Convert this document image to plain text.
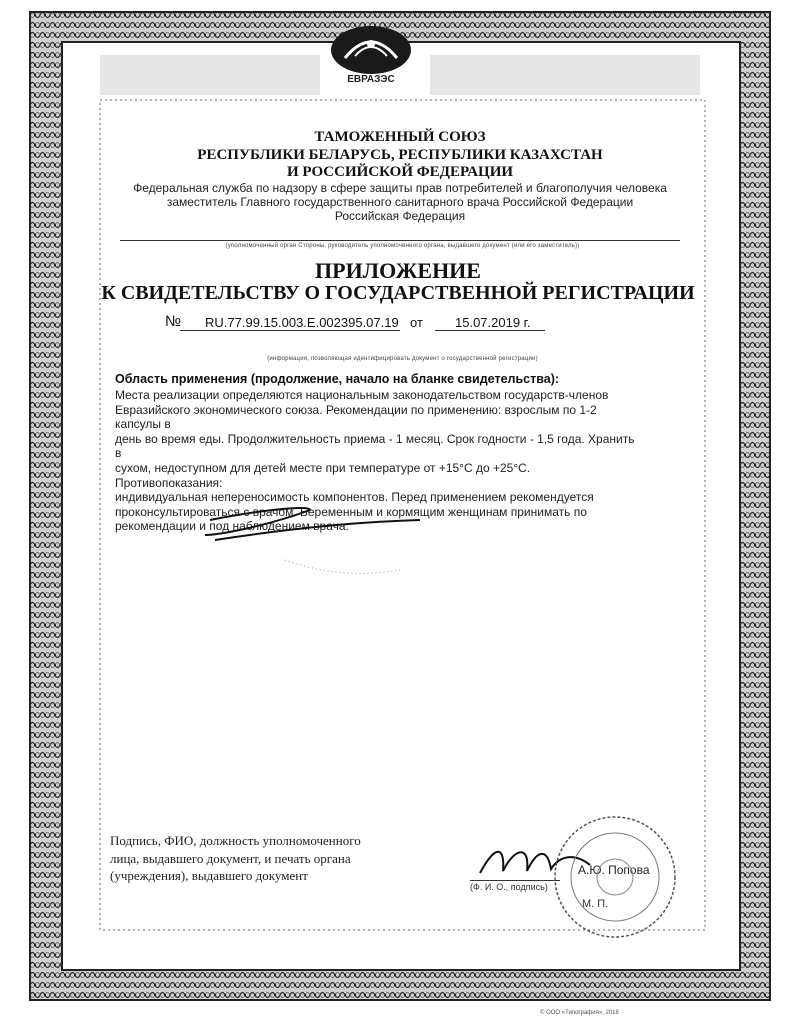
ЕВРАЗЭС
ТАМОЖЕННЫЙ СОЮЗ
РЕСПУБЛИКИ БЕЛАРУСЬ, РЕСПУБЛИКИ КАЗАХСТАН
И РОССИЙСКОЙ ФЕДЕРАЦИИ
Федеральная служба по надзору в сфере защиты прав потребителей и благополучия человека
заместитель Главного государственного санитарного врача Российской Федерации
Российская Федерация
(уполномоченный орган Стороны, руководитель уполномоченного органа, выдавшего документ (или его заместитель))
ПРИЛОЖЕНИЕ
К СВИДЕТЕЛЬСТВУ О ГОСУДАРСТВЕННОЙ РЕГИСТРАЦИИ
№ RU.77.99.15.003.Е.002395.07.19 от 15.07.2019 г.
(информация, позволяющая идентифицировать документ о государственной регистрации)
Область применения (продолжение, начало на бланке свидетельства):
Места реализации определяются национальным законодательством государств-членов
Евразийского экономического союза. Рекомендации по применению: взрослым по 1-2 капсулы в
день во время еды. Продолжительность приема - 1 месяц. Срок годности - 1,5 года. Хранить в
сухом, недоступном для детей месте при температуре от +15°С до +25°С. Противопоказания:
индивидуальная непереносимость компонентов. Перед применением рекомендуется
проконсультироваться с врачом. Беременным и кормящим женщинам принимать по
рекомендации и под наблюдением врача.
Подпись, ФИО, должность уполномоченного
лица, выдавшего документ, и печать органа
(учреждения), выдавшего документ	А.Ю. Попова
(Ф. И. О., подпись)
М. П.
© ООО «Типография», 2018
